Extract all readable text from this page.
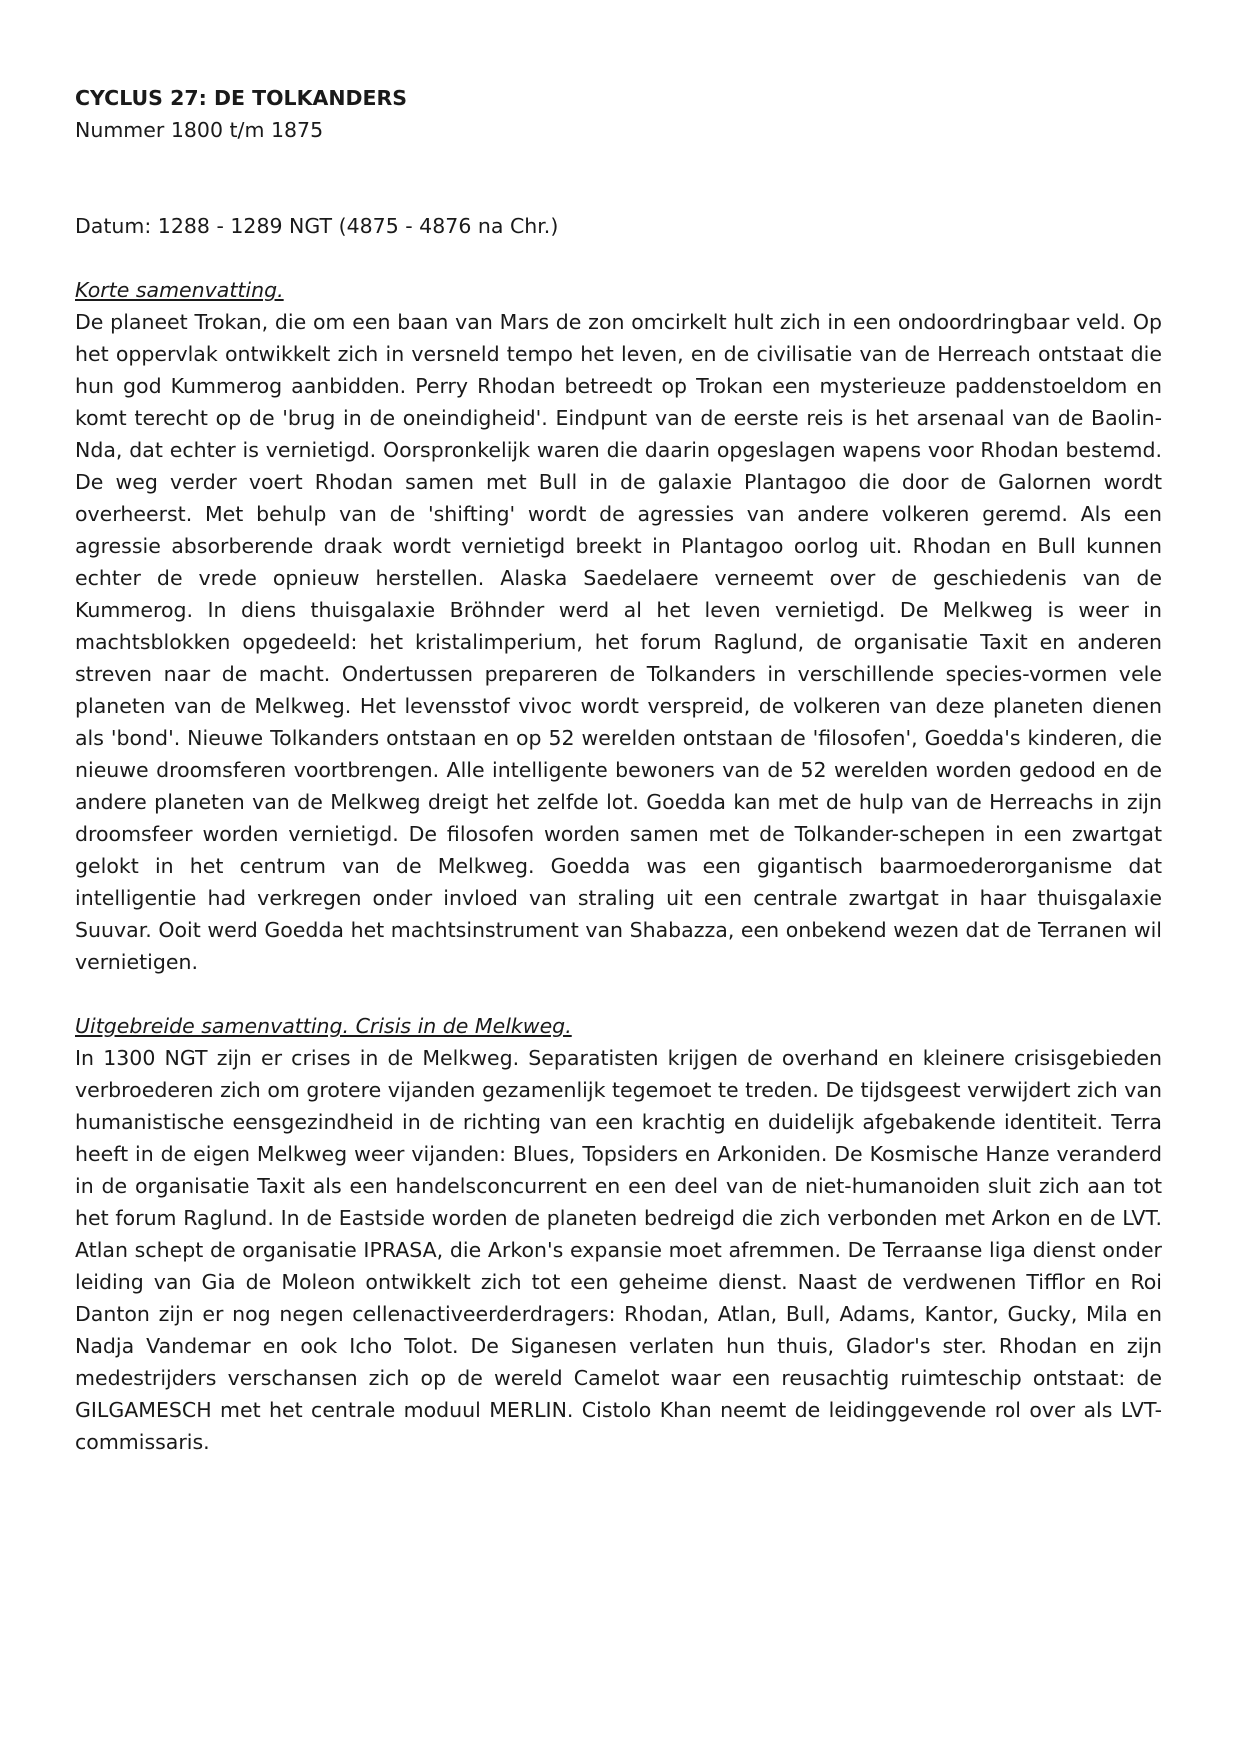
CYCLUS 27: DE TOLKANDERS
Nummer 1800 t/m 1875
Datum: 1288 - 1289 NGT (4875 - 4876 na Chr.)
Korte samenvatting.

De planeet Trokan, die om een baan van Mars de zon omcirkelt hult zich in een ondoordringbaar veld. Op het oppervlak ontwikkelt zich in versneld tempo het leven, en de civilisatie van de Herreach ontstaat die hun god Kummerog aanbidden. Perry Rhodan betreedt op Trokan een mysterieuze paddenstoeldom en komt terecht op de 'brug in de oneindigheid'. Eindpunt van de eerste reis is het arsenaal van de Baolin-Nda, dat echter is vernietigd. Oorspronkelijk waren die daarin opgeslagen wapens voor Rhodan bestemd. De weg verder voert Rhodan samen met Bull in de galaxie Plantagoo die door de Galornen wordt overheerst. Met behulp van de 'shifting' wordt de agressies van andere volkeren geremd. Als een agressie absorberende draak wordt vernietigd breekt in Plantagoo oorlog uit. Rhodan en Bull kunnen echter de vrede opnieuw herstellen. Alaska Saedelaere verneemt over de geschiedenis van de Kummerog. In diens thuisgalaxie Bröhnder werd al het leven vernietigd. De Melkweg is weer in machtsblokken opgedeeld: het kristalimperium, het forum Raglund, de organisatie Taxit en anderen streven naar de macht. Ondertussen prepareren de Tolkanders in verschillende species-vormen vele planeten van de Melkweg. Het levensstof vivoc wordt verspreid, de volkeren van deze planeten dienen als 'bond'. Nieuwe Tolkanders ontstaan en op 52 werelden ontstaan de 'filosofen', Goedda's kinderen, die nieuwe droomsferen voortbrengen. Alle intelligente bewoners van de 52 werelden worden gedood en de andere planeten van de Melkweg dreigt het zelfde lot. Goedda kan met de hulp van de Herreachs in zijn droomsfeer worden vernietigd. De filosofen worden samen met de Tolkander-schepen in een zwartgat gelokt in het centrum van de Melkweg. Goedda was een gigantisch baarmoederorganisme dat intelligentie had verkregen onder invloed van straling uit een centrale zwartgat in haar thuisgalaxie Suuvar. Ooit werd Goedda het machtsinstrument van Shabazza, een onbekend wezen dat de Terranen wil vernietigen.

Uitgebreide samenvatting. Crisis in de Melkweg.

In 1300 NGT zijn er crises in de Melkweg. Separatisten krijgen de overhand en kleinere crisisgebieden verbroederen zich om grotere vijanden gezamenlijk tegemoet te treden. De tijdsgeest verwijdert zich van humanistische eensgezindheid in de richting van een krachtig en duidelijk afgebakende identiteit. Terra heeft in de eigen Melkweg weer vijanden: Blues, Topsiders en Arkoniden. De Kosmische Hanze veranderd in de organisatie Taxit als een handelsconcurrent en een deel van de niet-humanoiden sluit zich aan tot het forum Raglund. In de Eastside worden de planeten bedreigd die zich verbonden met Arkon en de LVT. Atlan schept de organisatie IPRASA, die Arkon's expansie moet afremmen. De Terraanse liga dienst onder leiding van Gia de Moleon ontwikkelt zich tot een geheime dienst. Naast de verdwenen Tifflor en Roi Danton zijn er nog negen cellenactiveerderdragers: Rhodan, Atlan, Bull, Adams, Kantor, Gucky, Mila en Nadja Vandemar en ook Icho Tolot. De Siganesen verlaten hun thuis, Glador's ster. Rhodan en zijn medestrijders verschansen zich op de wereld Camelot waar een reusachtig ruimteschip ontstaat: de GILGAMESCH met het centrale moduul MERLIN. Cistolo Khan neemt de leidinggevende rol over als LVT-commissaris.
